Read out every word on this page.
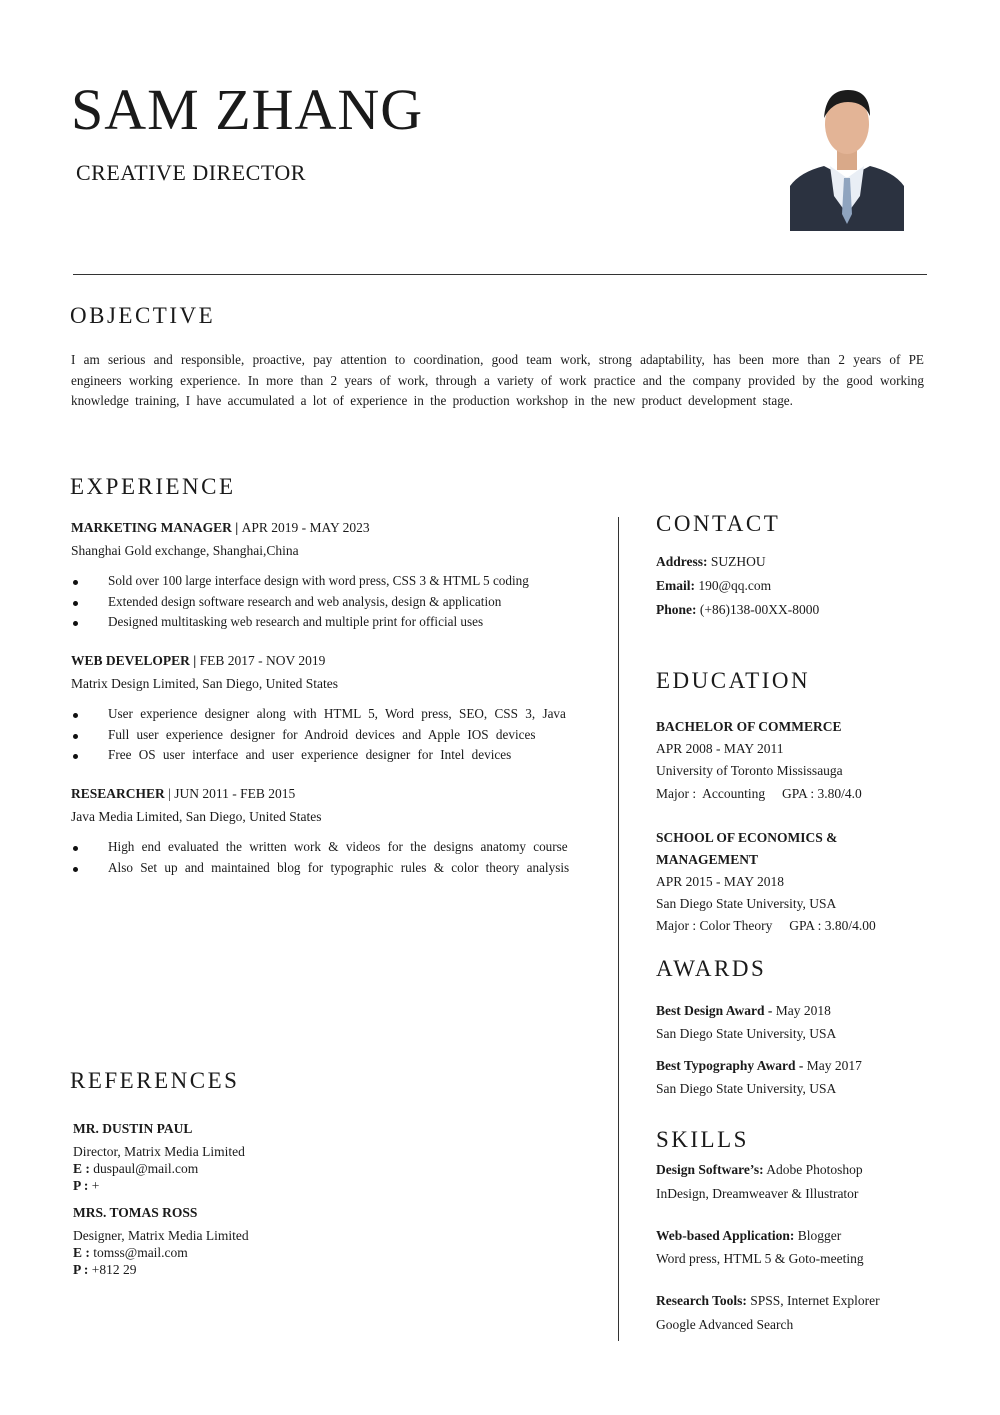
SAM ZHANG
CREATIVE DIRECTOR
OBJECTIVE
I am serious and responsible, proactive, pay attention to coordination, good team work, strong adaptability, has been more than 2 years of PE engineers working experience. In more than 2 years of work, through a variety of work practice and the company provided by the good working knowledge training, I have accumulated a lot of experience in the production workshop in the new product development stage.
EXPERIENCE
MARKETING MANAGER | APR 2019 - MAY 2023
Shanghai Gold exchange, Shanghai,China
Sold over 100 large interface design with word press, CSS 3 & HTML 5 coding
Extended design software research and web analysis, design & application
Designed multitasking web research and multiple print for official uses
WEB DEVELOPER | FEB 2017 - NOV 2019
Matrix Design Limited, San Diego, United States
User experience designer along with HTML 5, Word press, SEO, CSS 3, Java
Full user experience designer for Android devices and Apple IOS devices
Free OS user interface and user experience designer for Intel devices
RESEARCHER | JUN 2011 - FEB 2015
Java Media Limited, San Diego, United States
High end evaluated the written work & videos for the designs anatomy course
Also Set up and maintained blog for typographic rules & color theory analysis
REFERENCES
MR. DUSTIN PAUL
Director, Matrix Media Limited
E : duspaul@mail.com
P : +
MRS. TOMAS ROSS
Designer, Matrix Media Limited
E : tomss@mail.com
P : +812 29
CONTACT
Address: SUZHOU
Email: 190@qq.com
Phone: (+86)138-00XX-8000
EDUCATION
BACHELOR OF COMMERCE
APR 2008 - MAY 2011
University of Toronto Mississauga
Major :  Accounting     GPA : 3.80/4.0
SCHOOL OF ECONOMICS &
MANAGEMENT
APR 2015 - MAY 2018
San Diego State University, USA
Major : Color Theory     GPA : 3.80/4.00
AWARDS
Best Design Award - May 2018
San Diego State University, USA
Best Typography Award - May 2017
San Diego State University, USA
SKILLS
Design Software’s: Adobe Photoshop
InDesign, Dreamweaver & Illustrator
Web-based Application: Blogger
Word press, HTML 5 & Goto-meeting
Research Tools: SPSS, Internet Explorer
Google Advanced Search
